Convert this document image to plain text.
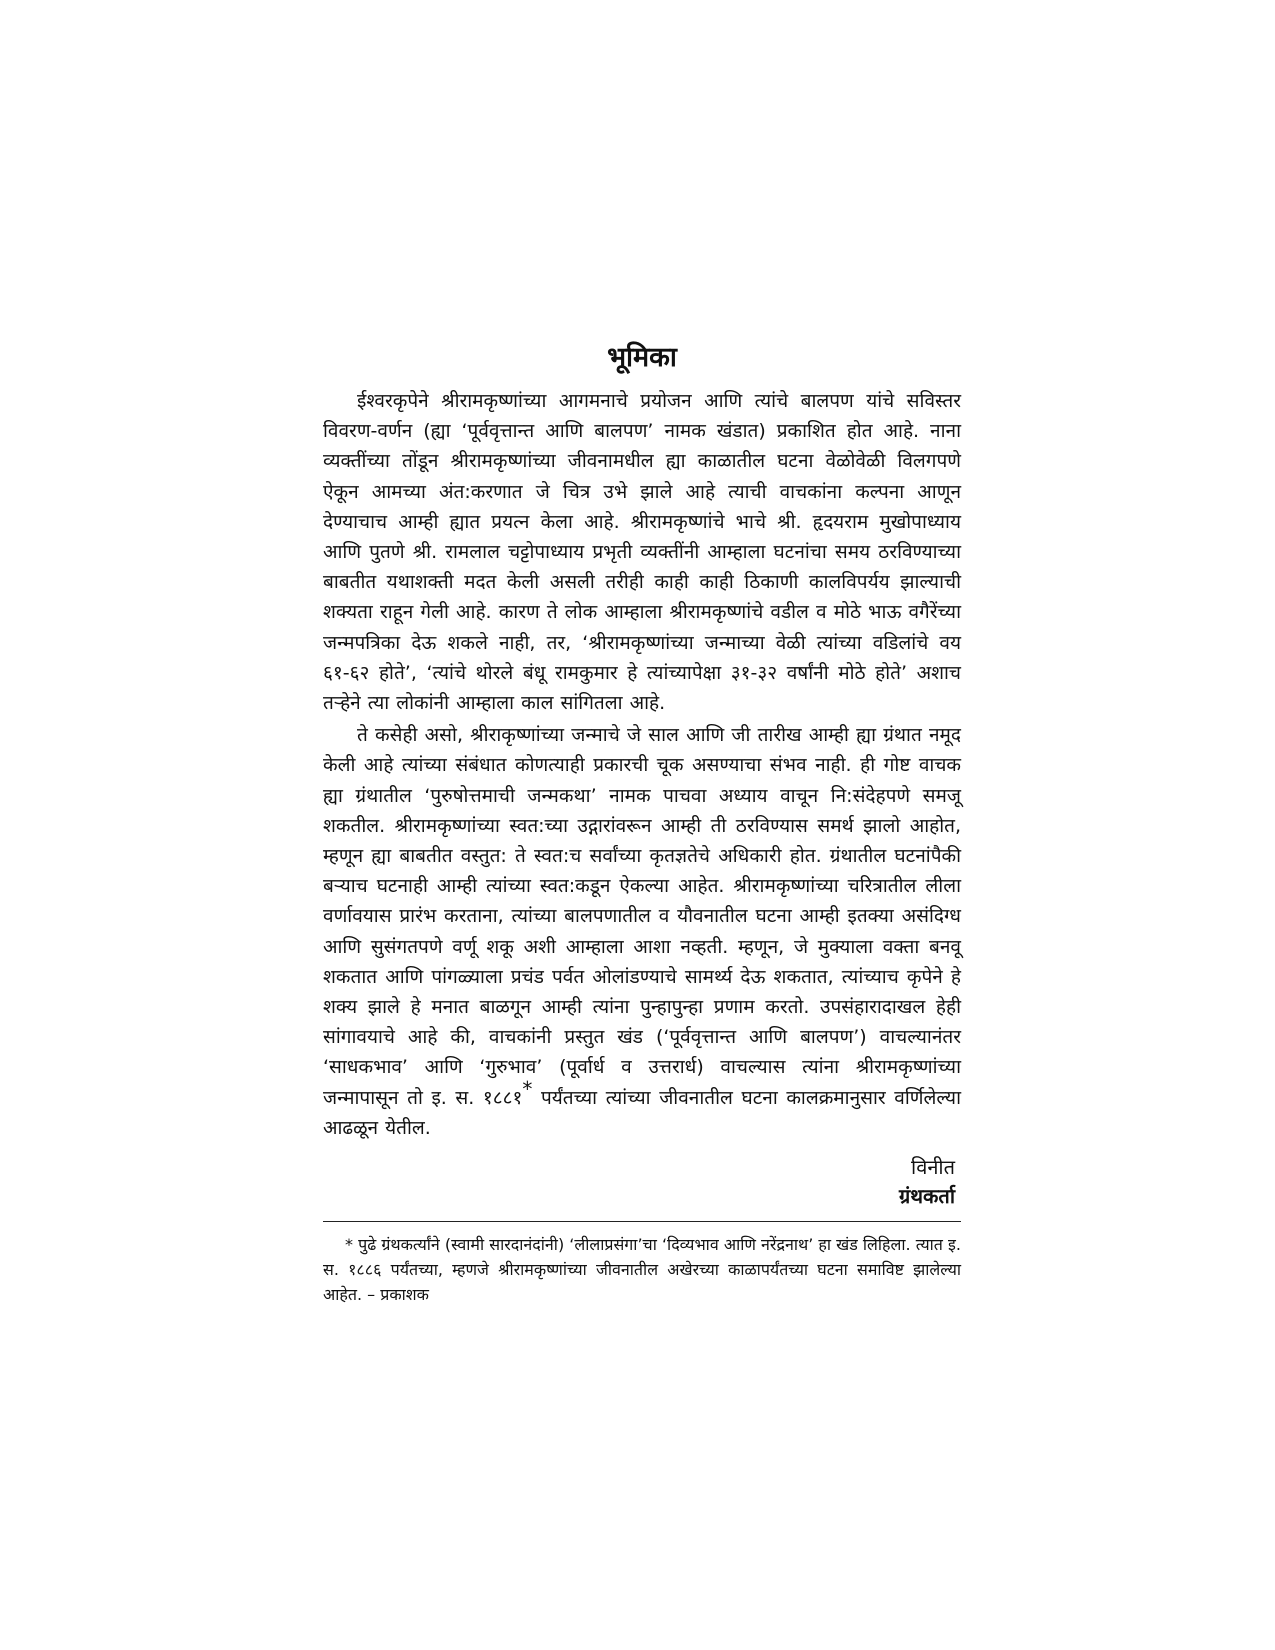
भूमिका

ईश्वरकृपेने श्रीरामकृष्णांच्या आगमनाचे प्रयोजन आणि त्यांचे बालपण यांचे सविस्तर विवरण-वर्णन (ह्या ‘पूर्ववृत्तान्त आणि बालपण’ नामक खंडात) प्रकाशित होत आहे. नाना व्यक्तींच्या तोंडून श्रीरामकृष्णांच्या जीवनामधील ह्या काळातील घटना वेळोवेळी विलगपणे ऐकून आमच्या अंत:करणात जे चित्र उभे झाले आहे त्याची वाचकांना कल्पना आणून देण्याचाच आम्ही ह्यात प्रयत्न केला आहे. श्रीरामकृष्णांचे भाचे श्री. हृदयराम मुखोपाध्याय आणि पुतणे श्री. रामलाल चट्टोपाध्याय प्रभृती व्यक्तींनी आम्हाला घटनांचा समय ठरविण्याच्या बाबतीत यथाशक्ती मदत केली असली तरीही काही काही ठिकाणी कालविपर्यय झाल्याची शक्यता राहून गेली आहे. कारण ते लोक आम्हाला श्रीरामकृष्णांचे वडील व मोठे भाऊ वगैरेंच्या जन्मपत्रिका देऊ शकले नाही, तर, ‘श्रीरामकृष्णांच्या जन्माच्या वेळी त्यांच्या वडिलांचे वय ६१-६२ होते’, ‘त्यांचे थोरले बंधू रामकुमार हे त्यांच्यापेक्षा ३१-३२ वर्षांनी मोठे होते’ अशाच तऱ्हेने त्या लोकांनी आम्हाला काल सांगितला आहे.

ते कसेही असो, श्रीराकृष्णांच्या जन्माचे जे साल आणि जी तारीख आम्ही ह्या ग्रंथात नमूद केली आहे त्यांच्या संबंधात कोणत्याही प्रकारची चूक असण्याचा संभव नाही. ही गोष्ट वाचक ह्या ग्रंथातील ‘पुरुषोत्तमाची जन्मकथा’ नामक पाचवा अध्याय वाचून नि:संदेहपणे समजू शकतील. श्रीरामकृष्णांच्या स्वत:च्या उद्गारांवरून आम्ही ती ठरविण्यास समर्थ झालो आहोत, म्हणून ह्या बाबतीत वस्तुत: ते स्वत:च सर्वांच्या कृतज्ञतेचे अधिकारी होत. ग्रंथातील घटनांपैकी बऱ्याच घटनाही आम्ही त्यांच्या स्वत:कडून ऐकल्या आहेत. श्रीरामकृष्णांच्या चरित्रातील लीला वर्णावयास प्रारंभ करताना, त्यांच्या बालपणातील व यौवनातील घटना आम्ही इतक्या असंदिग्ध आणि सुसंगतपणे वर्णू शकू अशी आम्हाला आशा नव्हती. म्हणून, जे मुक्याला वक्ता बनवू शकतात आणि पांगळ्याला प्रचंड पर्वत ओलांडण्याचे सामर्थ्य देऊ शकतात, त्यांच्याच कृपेने हे शक्य झाले हे मनात बाळगून आम्ही त्यांना पुन्हापुन्हा प्रणाम करतो. उपसंहारादाखल हेही सांगावयाचे आहे की, वाचकांनी प्रस्तुत खंड (‘पूर्ववृत्तान्त आणि बालपण’) वाचल्यानंतर ‘साधकभाव’ आणि ‘गुरुभाव’ (पूर्वार्ध व उत्तरार्ध) वाचल्यास त्यांना श्रीरामकृष्णांच्या जन्मापासून तो इ. स. १८८१* पर्यंतच्या त्यांच्या जीवनातील घटना कालक्रमानुसार वर्णिलेल्या आढळून येतील.

विनीत
ग्रंथकर्ता

* पुढे ग्रंथकर्त्यांने (स्वामी सारदानंदांनी) ‘लीलाप्रसंगा’चा ‘दिव्यभाव आणि नरेंद्रनाथ’ हा खंड लिहिला. त्यात इ. स. १८८६ पर्यंतच्या, म्हणजे श्रीरामकृष्णांच्या जीवनातील अखेरच्या काळापर्यंतच्या घटना समाविष्ट झालेल्या आहेत. – प्रकाशक
